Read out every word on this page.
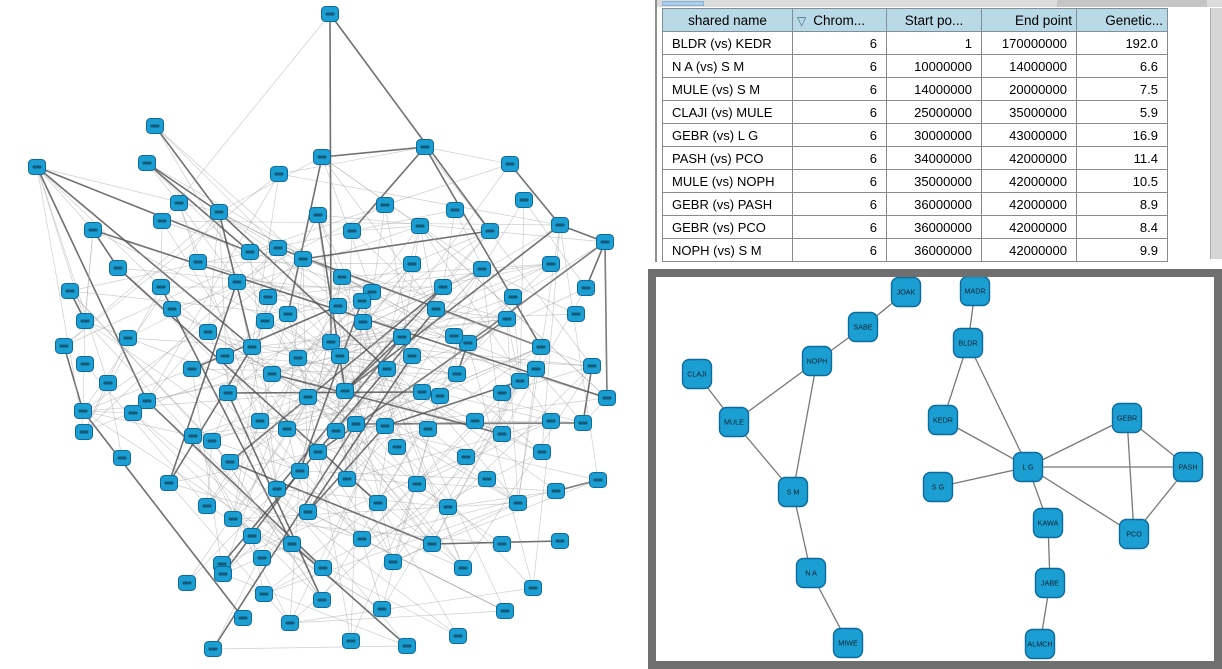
shared name	▽ Chrom...	Start po...	End point	Genetic...
BLDR (vs) KEDR	6	1	170000000	192.0
N A (vs) S M	6	10000000	14000000	6.6
MULE (vs) S M	6	14000000	20000000	7.5
CLAJI (vs) MULE	6	25000000	35000000	5.9
GEBR (vs) L G	6	30000000	43000000	16.9
PASH (vs) PCO	6	34000000	42000000	11.4
MULE (vs) NOPH	6	35000000	42000000	10.5
GEBR (vs) PASH	6	36000000	42000000	8.9
GEBR (vs) PCO	6	36000000	42000000	8.4
NOPH (vs) S M	6	36000000	42000000	9.9
JOAK	MADR
SABE
BLDR
NOPH
CLAJI
GEBR
KEDR
MULE
PASH
L G
S G
S M
KAWA
PCO
N A
JABE
MIWE	ALMCH
